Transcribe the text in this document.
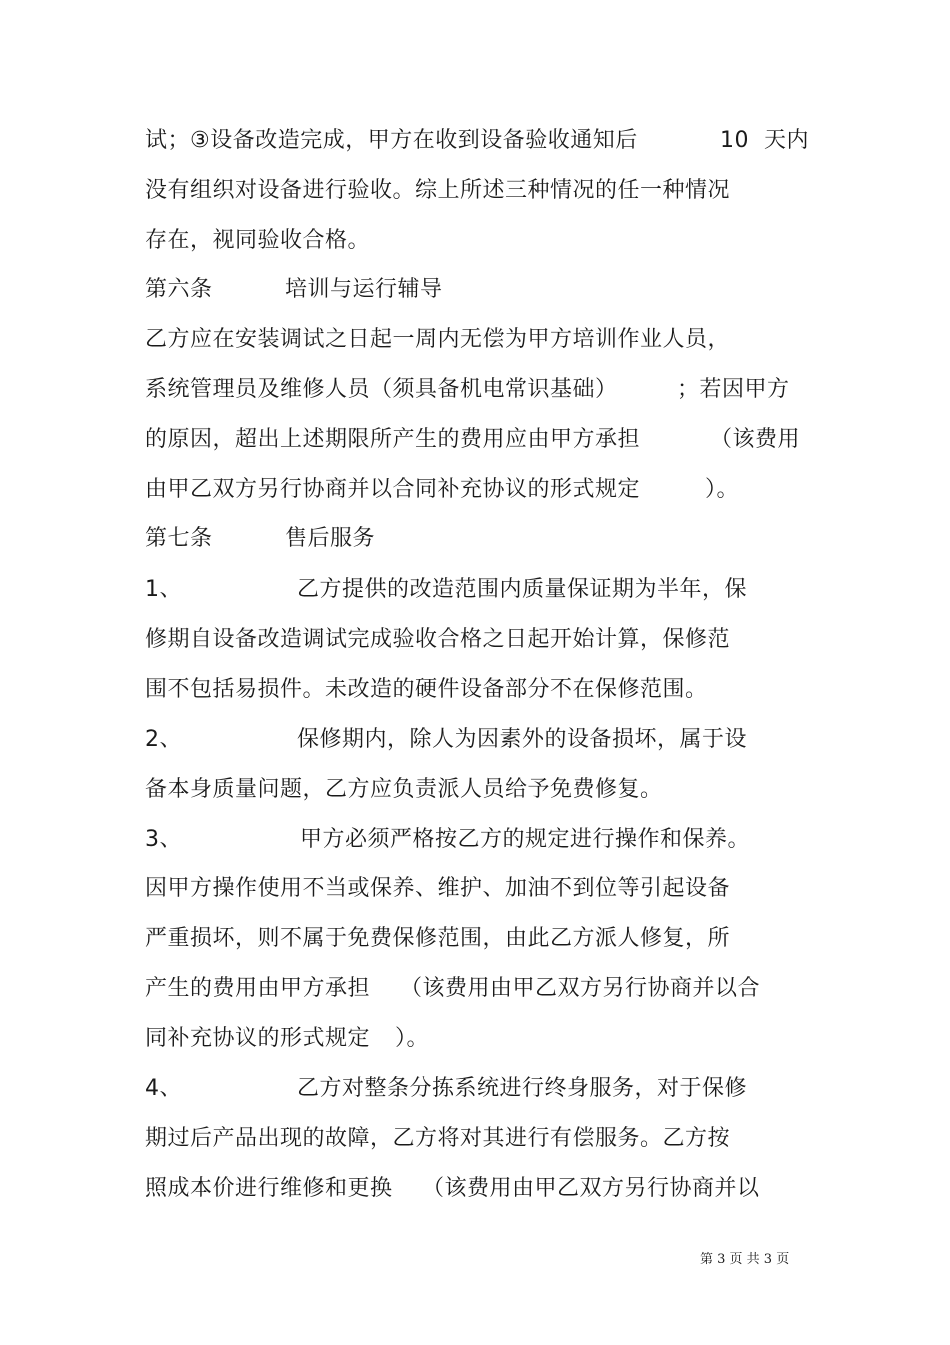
试；③设备改造完成，甲方在收到设备验收通知后

	10  天内

没有组织对设备进行验收。综上所述三种情况的任一种情况

存在，视同验收合格。

第六条

	培训与运行辅导

乙方应在安装调试之日起一周内无偿为甲方培训作业人员，

系统管理员及维修人员（须具备机电常识基础）

	；若因甲方

的原因，超出上述期限所产生的费用应由甲方承担

	（该费用

由甲乙双方另行协商并以合同补充协议的形式规定

	）。

第七条

	售后服务

1、

	乙方提供的改造范围内质量保证期为半年，保

修期自设备改造调试完成验收合格之日起开始计算，保修范

围不包括易损件。未改造的硬件设备部分不在保修范围。

2、

	保修期内，除人为因素外的设备损坏，属于设

备本身质量问题，乙方应负责派人员给予免费修复。

3、

	甲方必须严格按乙方的规定进行操作和保养。

因甲方操作使用不当或保养、维护、加油不到位等引起设备

严重损坏，则不属于免费保修范围，由此乙方派人修复，所

产生的费用由甲方承担

（该费用由甲乙双方另行协商并以合

同补充协议的形式规定

）。

4、

	乙方对整条分拣系统进行终身服务，对于保修

期过后产品出现的故障，乙方将对其进行有偿服务。乙方按

照成本价进行维修和更换

（该费用由甲乙双方另行协商并以

第 3 页 共 3 页
